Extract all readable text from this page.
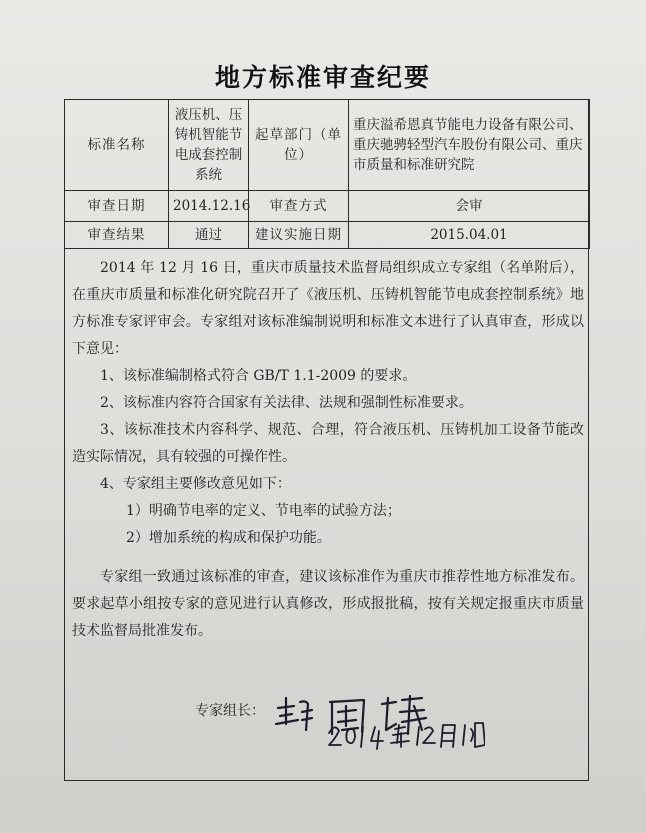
地方标准审查纪要
标准名称	液压机、压铸机智能节电成套控制系统	起草部门（单位）	重庆溢希恩真节能电力设备有限公司、重庆驰骋轻型汽车股份有限公司、重庆市质量和标准研究院
审查日期	2014.12.16	审查方式	会审
审查结果	通过	建议实施日期	2015.04.01

2014 年 12 月 16 日，重庆市质量技术监督局组织成立专家组（名单附后），在重庆市质量和标准化研究院召开了《液压机、压铸机智能节电成套控制系统》地方标准专家评审会。专家组对该标准编制说明和标准文本进行了认真审查，形成以下意见：

1、该标准编制格式符合 GB/T 1.1-2009 的要求。

2、该标准内容符合国家有关法律、法规和强制性标准要求。

3、该标准技术内容科学、规范、合理，符合液压机、压铸机加工设备节能改造实际情况，具有较强的可操作性。

4、专家组主要修改意见如下：

1）明确节电率的定义、节电率的试验方法；

2）增加系统的构成和保护功能。

专家组一致通过该标准的审查，建议该标准作为重庆市推荐性地方标准发布。要求起草小组按专家的意见进行认真修改，形成报批稿，按有关规定报重庆市质量技术监督局批准发布。

专家组长：
